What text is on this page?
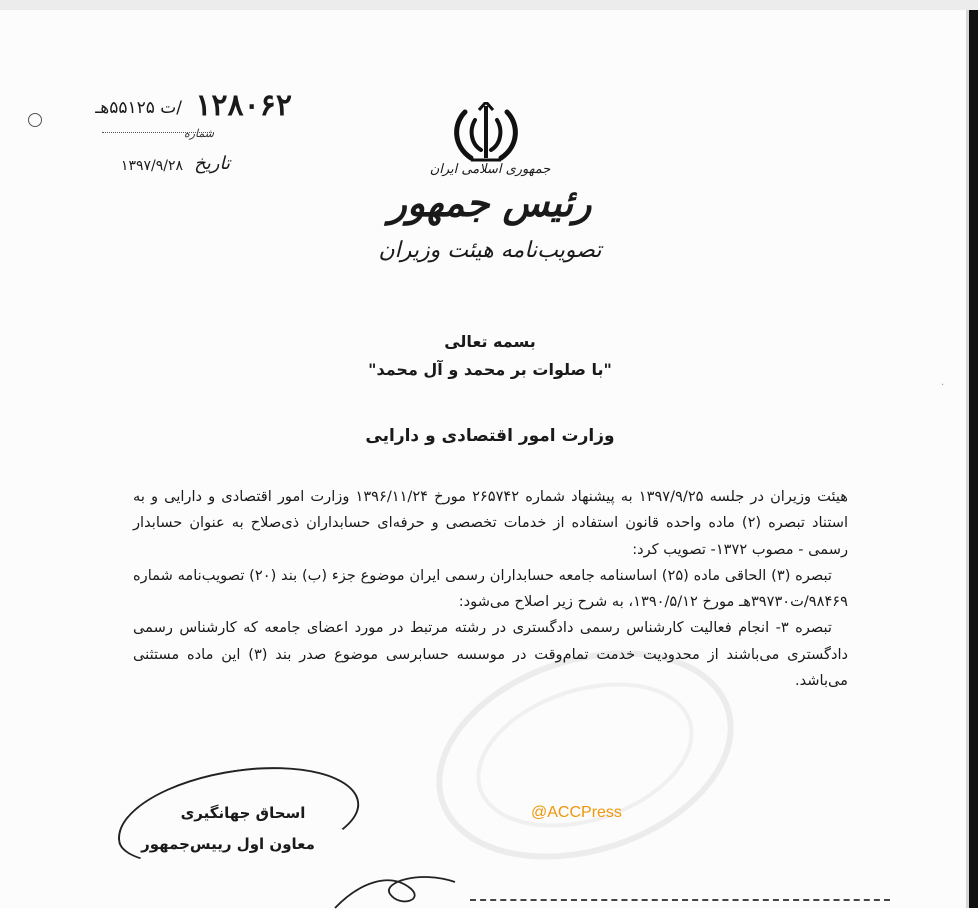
·
۱۲۸۰۶۲
/ت ۵۵۱۲۵هـ
شماره
تاریخ
۱۳۹۷/۹/۲۸	جمهوری اسلامی ایران
رئیس جمهور
تصویب‌نامه هیئت وزیران
بسمه تعالی
"با صلوات بر محمد و آل محمد"
وزارت امور اقتصادی و دارایی

هیئت وزیران در جلسه ۱۳۹۷/۹/۲۵ به پیشنهاد شماره ۲۶۵۷۴۲ مورخ ۱۳۹۶/۱۱/۲۴ وزارت امور اقتصادی و دارایی و به استناد تبصره (۲) ماده واحده قانون استفاده از خدمات تخصصی و حرفه‌ای حسابداران ذی‌صلاح به عنوان حسابدار رسمی - مصوب ۱۳۷۲- تصویب کرد:

تبصره (۳) الحاقی ماده (۲۵) اساسنامه جامعه حسابداران رسمی ایران موضوع جزء (ب) بند (۲۰) تصویب‌نامه شماره ۹۸۴۶۹/ت۳۹۷۳۰هـ مورخ ۱۳۹۰/۵/۱۲، به شرح زیر اصلاح می‌شود:

تبصره ۳- انجام فعالیت کارشناس رسمی دادگستری در رشته مرتبط در مورد اعضای جامعه که کارشناس رسمی دادگستری می‌باشند از محدودیت خدمت تمام‌وقت در موسسه حسابرسی موضوع صدر بند (۳) این ماده مستثنی می‌باشد.

اسحاق جهانگیری
معاون اول رییس‌جمهور
@ACCPress
